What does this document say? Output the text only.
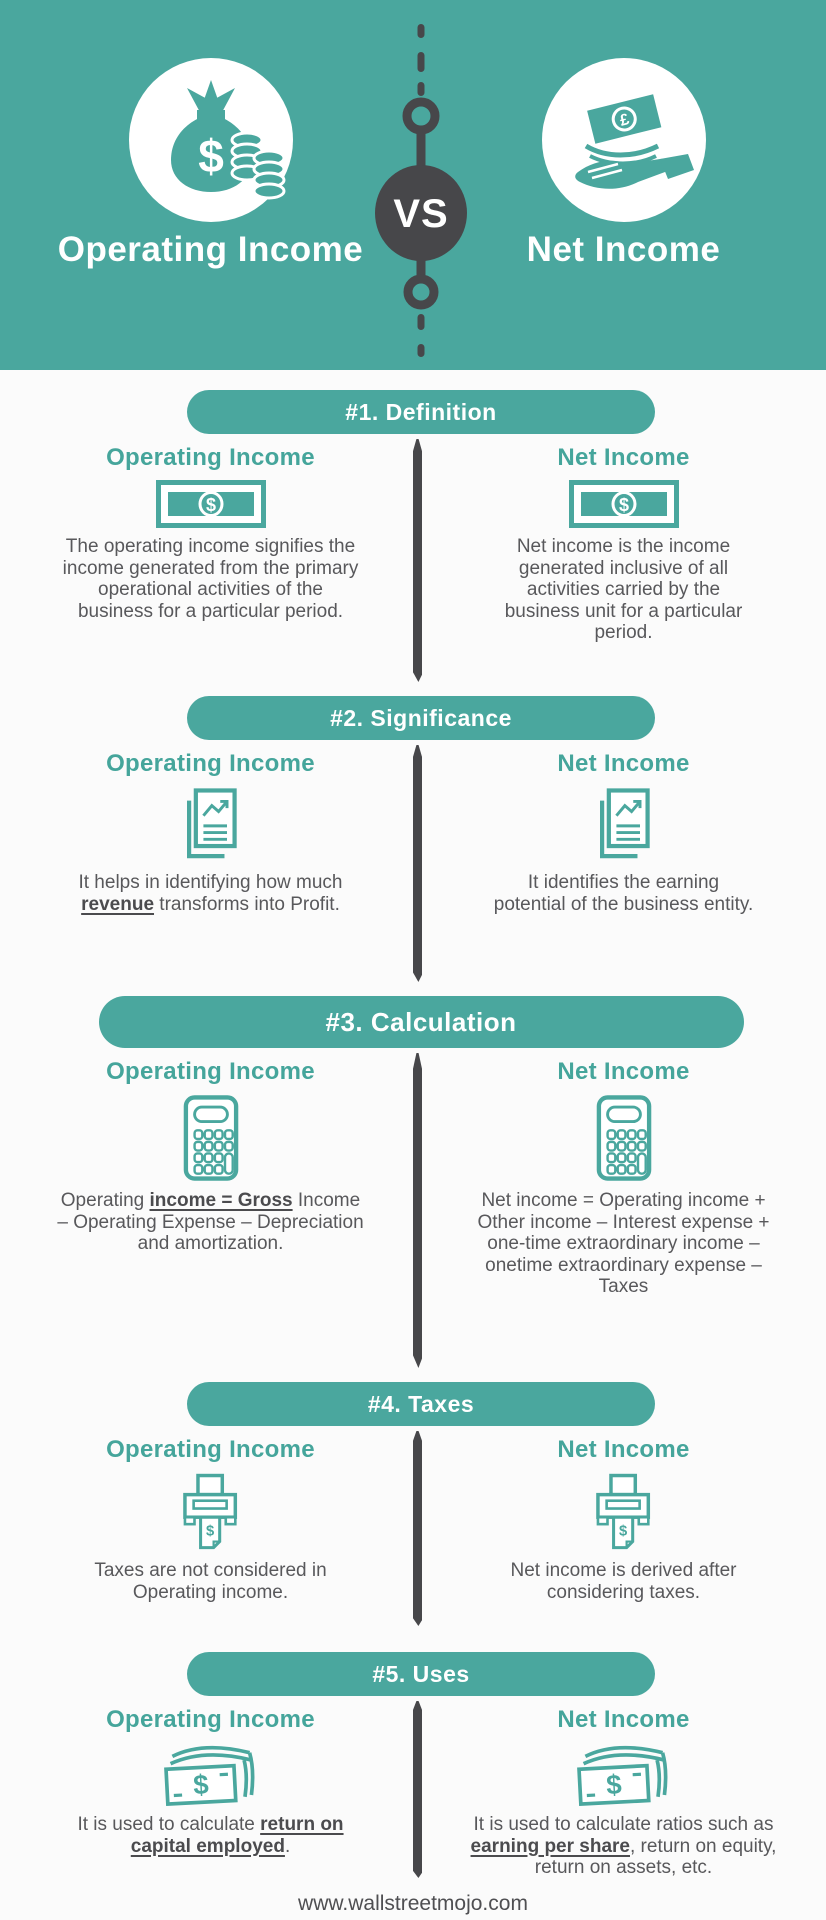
$
Operating Income
£
Net Income
VS
#1. Definition
Operating Income

The operating income signifies the income generated from the primary operational activities of the business for a particular period.

Net Income

Net income is the income generated inclusive of all activities carried by the business unit for a particular period.

#2. Significance
Operating Income

It helps in identifying how much revenue transforms into Profit.

Net Income

It identifies the earning potential of the business entity.

#3. Calculation
Operating Income

Operating income = Gross Income – Operating Expense – Depreciation and amortization.

Net Income

Net income = Operating income + Other income – Interest expense + one-time extraordinary income – onetime extraordinary expense – Taxes

#4. Taxes
Operating Income

Taxes are not considered in Operating income.

Net Income

Net income is derived after considering taxes.

#5. Uses
Operating Income

It is used to calculate return on capital employed.

Net Income

It is used to calculate ratios such as earning per share, return on equity, return on assets, etc.

www.wallstreetmojo.com
